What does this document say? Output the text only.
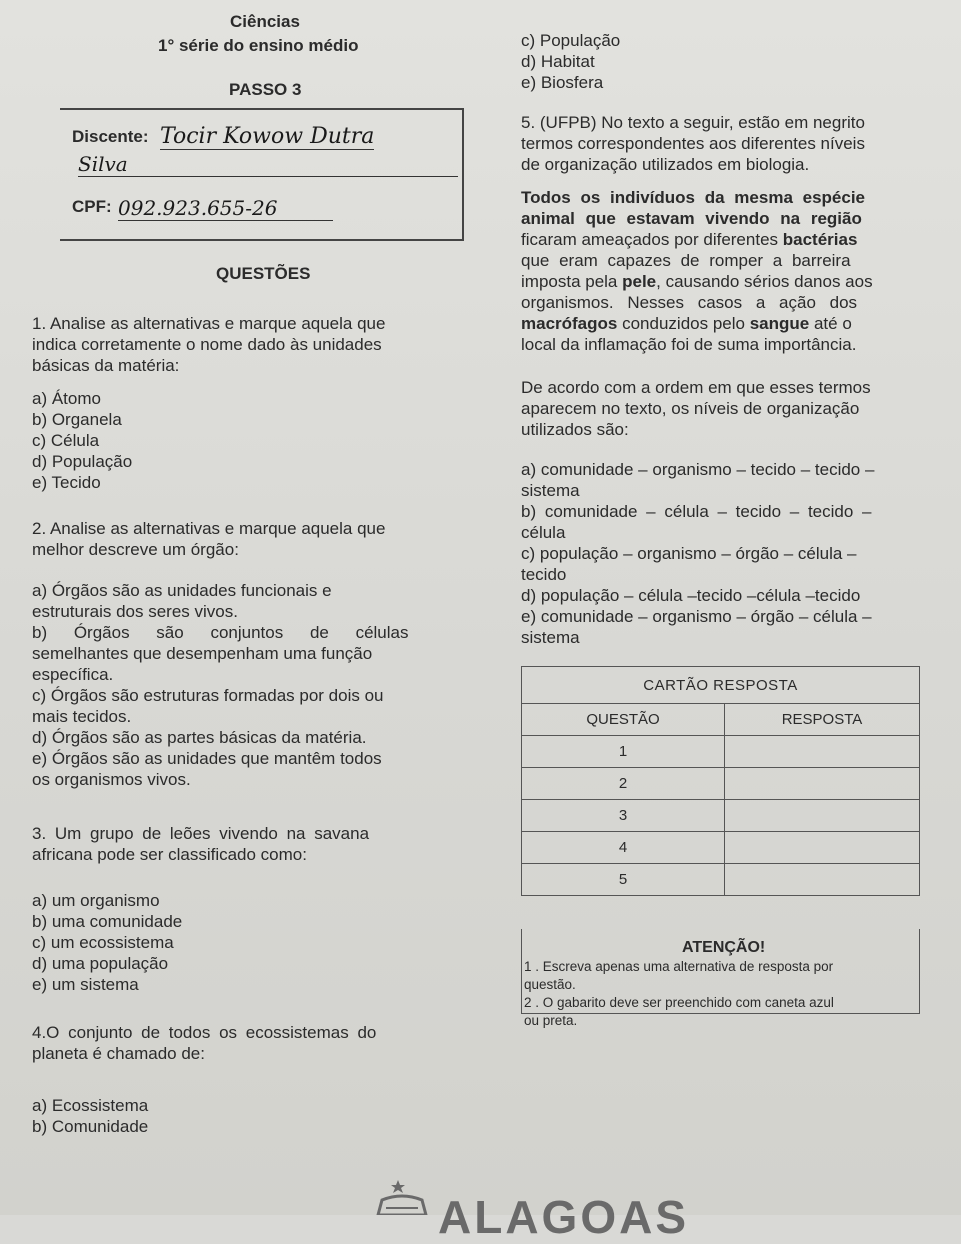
Ciências
1° série do ensino médio
PASSO 3
Discente: Tocir Kowow Dutra
Silva
CPF: 092.923.655-26
QUESTÕES
1. Analise as alternativas e marque aquela que
indica corretamente o nome dado às unidades
básicas da matéria:
a) Átomo
b) Organela
c) Célula
d) População
e) Tecido
2. Analise as alternativas e marque aquela que
melhor descreve um órgão:
a) Órgãos são as unidades funcionais e
estruturais dos seres vivos.
b) Órgãos são conjuntos de células
semelhantes que desempenham uma função
específica.
c) Órgãos são estruturas formadas por dois ou
mais tecidos.
d) Órgãos são as partes básicas da matéria.
e) Órgãos são as unidades que mantêm todos
os organismos vivos.
3. Um grupo de leões vivendo na savana
africana pode ser classificado como:
a) um organismo
b) uma comunidade
c) um ecossistema
d) uma população
e) um sistema
4.O conjunto de todos os ecossistemas do
planeta é chamado de:
a) Ecossistema
b) Comunidade
c) População
d) Habitat
e) Biosfera
5. (UFPB) No texto a seguir, estão em negrito
termos correspondentes aos diferentes níveis
de organização utilizados em biologia.
Todos os indivíduos da mesma espécie
animal que estavam vivendo na região
ficaram ameaçados por diferentes bactérias
que eram capazes de romper a barreira
imposta pela pele, causando sérios danos aos
organismos. Nesses casos a ação dos
macrófagos conduzidos pelo sangue até o
local da inflamação foi de suma importância.
De acordo com a ordem em que esses termos
aparecem no texto, os níveis de organização
utilizados são:
a) comunidade – organismo – tecido – tecido –
sistema
b) comunidade – célula – tecido – tecido –
célula
c) população – organismo – órgão – célula –
tecido
d) população – célula –tecido –célula –tecido
e) comunidade – organismo – órgão – célula –
sistema
CARTÃO RESPOSTA	
QUESTÃO	RESPOSTA
1	
2	
3	
4	
5	
ATENÇÃO!
1 . Escreva apenas uma alternativa de resposta por
questão.
2 . O gabarito deve ser preenchido com caneta azul
ou preta.
ALAGOAS
